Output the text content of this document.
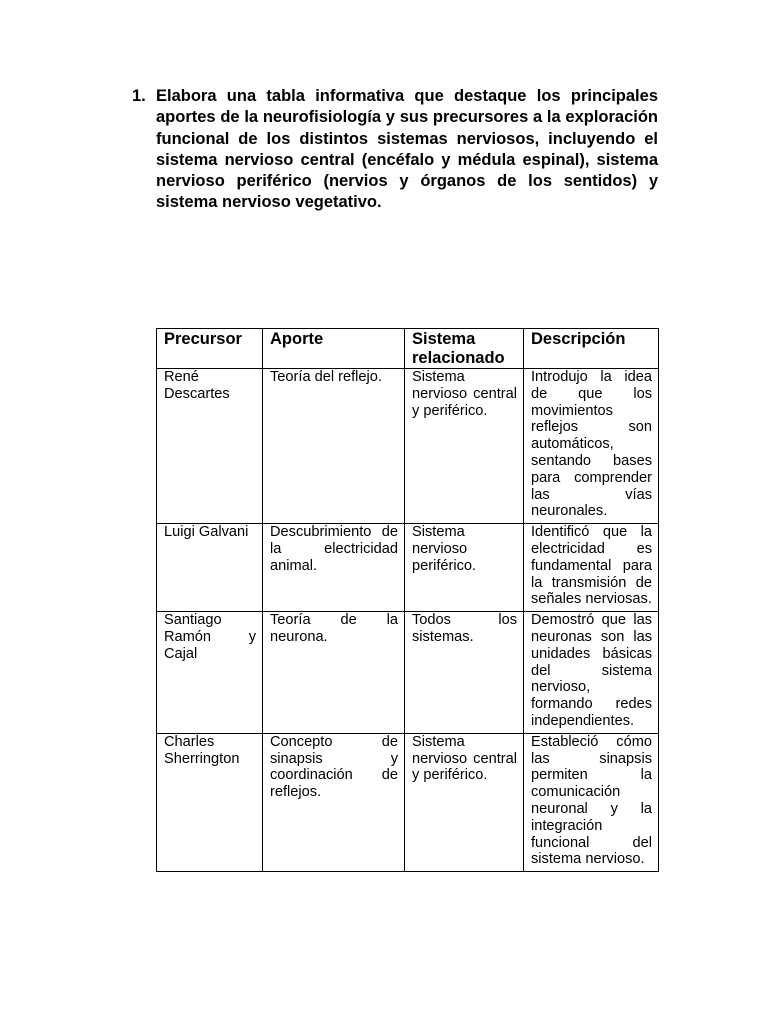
1. Elabora una tabla informativa que destaque los principales aportes de la neurofisiología y sus precursores a la exploración funcional de los distintos sistemas nerviosos, incluyendo el sistema nervioso central (encéfalo y médula espinal), sistema nervioso periférico (nervios y órganos de los sentidos) y sistema nervioso vegetativo.
Precursor	Aporte	Sistema relacionado	Descripción
René Descartes	Teoría del reflejo.	Sistema nervioso central y periférico.	Introdujo la idea de que los movimientos reflejos son automáticos, sentando bases para comprender las vías neuronales.
Luigi Galvani	Descubrimiento de la electricidad animal.	Sistema nervioso periférico.	Identificó que la electricidad es fundamental para la transmisión de señales nerviosas.
Santiago Ramón y Cajal	Teoría de la neurona.	Todos los sistemas.	Demostró que las neuronas son las unidades básicas del sistema nervioso, formando redes independientes.
Charles Sherrington	Concepto de sinapsis y coordinación de reflejos.	Sistema nervioso central y periférico.	Estableció cómo las sinapsis permiten la comunicación neuronal y la integración funcional del sistema nervioso.
